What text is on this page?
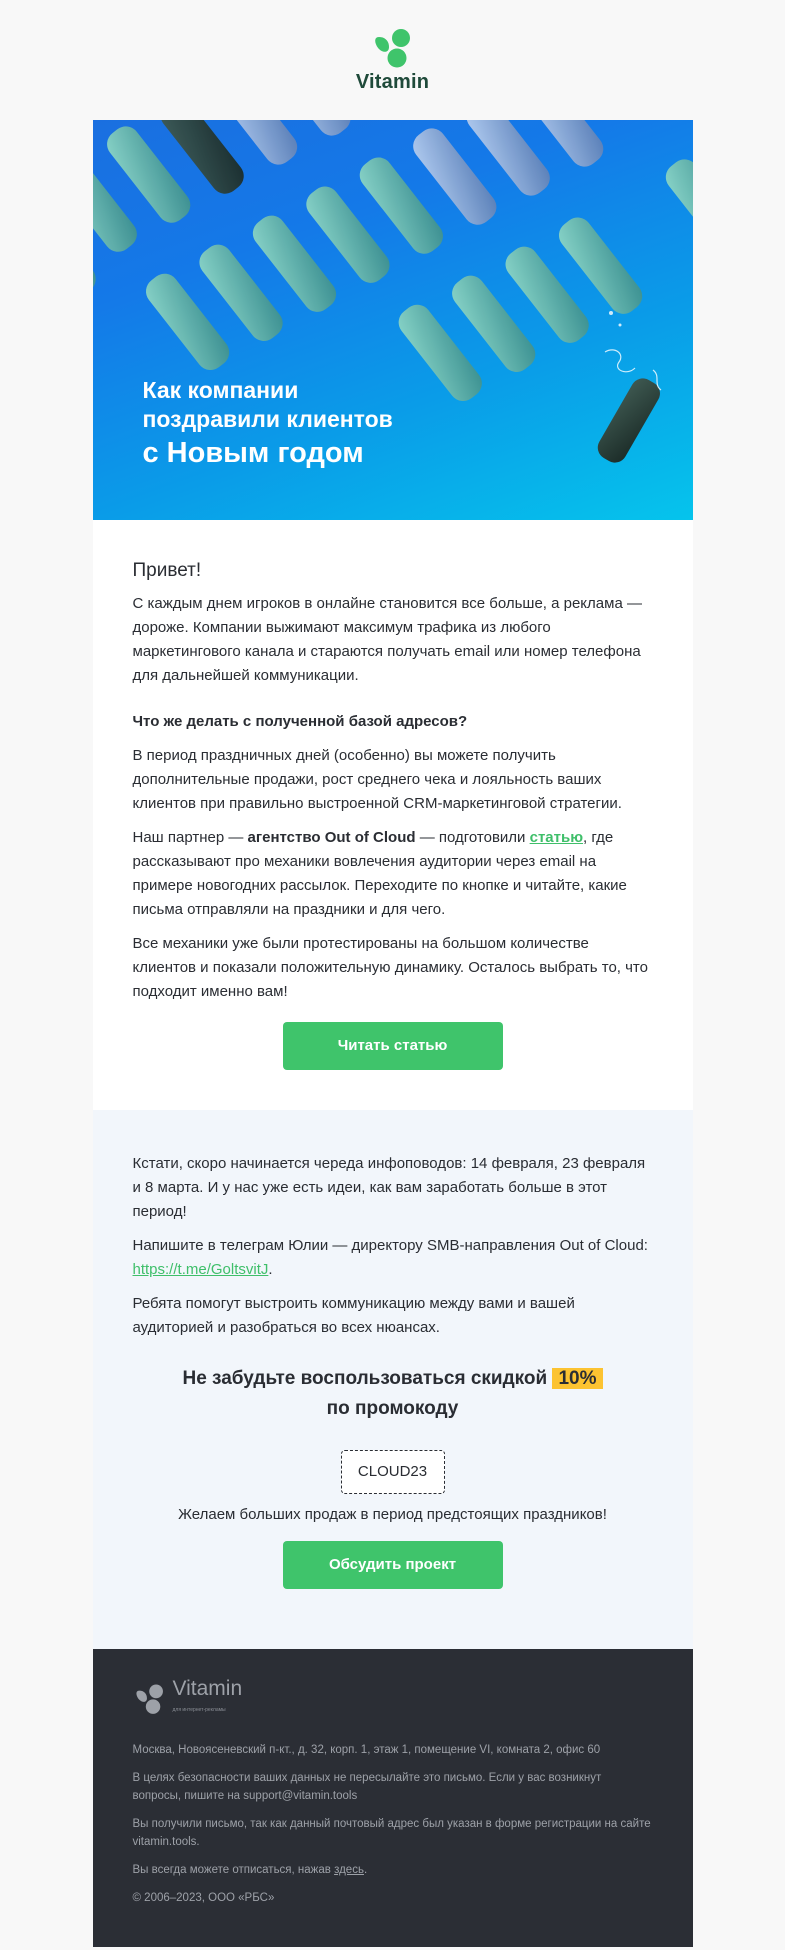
Vitamin
Как компании
поздравили клиентов
с Новым годом
Привет!

С каждым днем игроков в онлайне становится все больше, а реклама — дороже. Компании выжимают максимум трафика из любого маркетингового канала и стараются получать email или номер телефона для дальнейшей коммуникации.

Что же делать с полученной базой адресов?

В период праздничных дней (особенно) вы можете получить дополнительные продажи, рост среднего чека и лояльность ваших клиентов при правильно выстроенной CRM-маркетинговой стратегии.

Наш партнер — агентство Out of Cloud — подготовили статью, где рассказывают про механики вовлечения аудитории через email на примере новогодних рассылок. Переходите по кнопке и читайте, какие письма отправляли на праздники и для чего.

Все механики уже были протестированы на большом количестве клиентов и показали положительную динамику. Осталось выбрать то, что подходит именно вам!

Читать статью

Кстати, скоро начинается череда инфоповодов: 14 февраля, 23 февраля и 8 марта. И у нас уже есть идеи, как вам заработать больше в этот период!

Напишите в телеграм Юлии — директору SMB-направления Out of Cloud: https://t.me/GoltsvitJ.

Ребята помогут выстроить коммуникацию между вами и вашей аудиторией и разобраться во всех нюансах.

Не забудьте воспользоваться скидкой 10%
по промокоду
CLOUD23
Желаем больших продаж в период предстоящих праздников!
Обсудить проект
Vitamin
для интернет-рекламы

Москва, Новоясеневский п-кт., д. 32, корп. 1, этаж 1, помещение VI, комната 2, офис 60

В целях безопасности ваших данных не пересылайте это письмо. Если у вас возникнут вопросы, пишите на support@vitamin.tools

Вы получили письмо, так как данный почтовый адрес был указан в форме регистрации на сайте vitamin.tools.

Вы всегда можете отписаться, нажав здесь.

© 2006–2023, ООО «РБС»
